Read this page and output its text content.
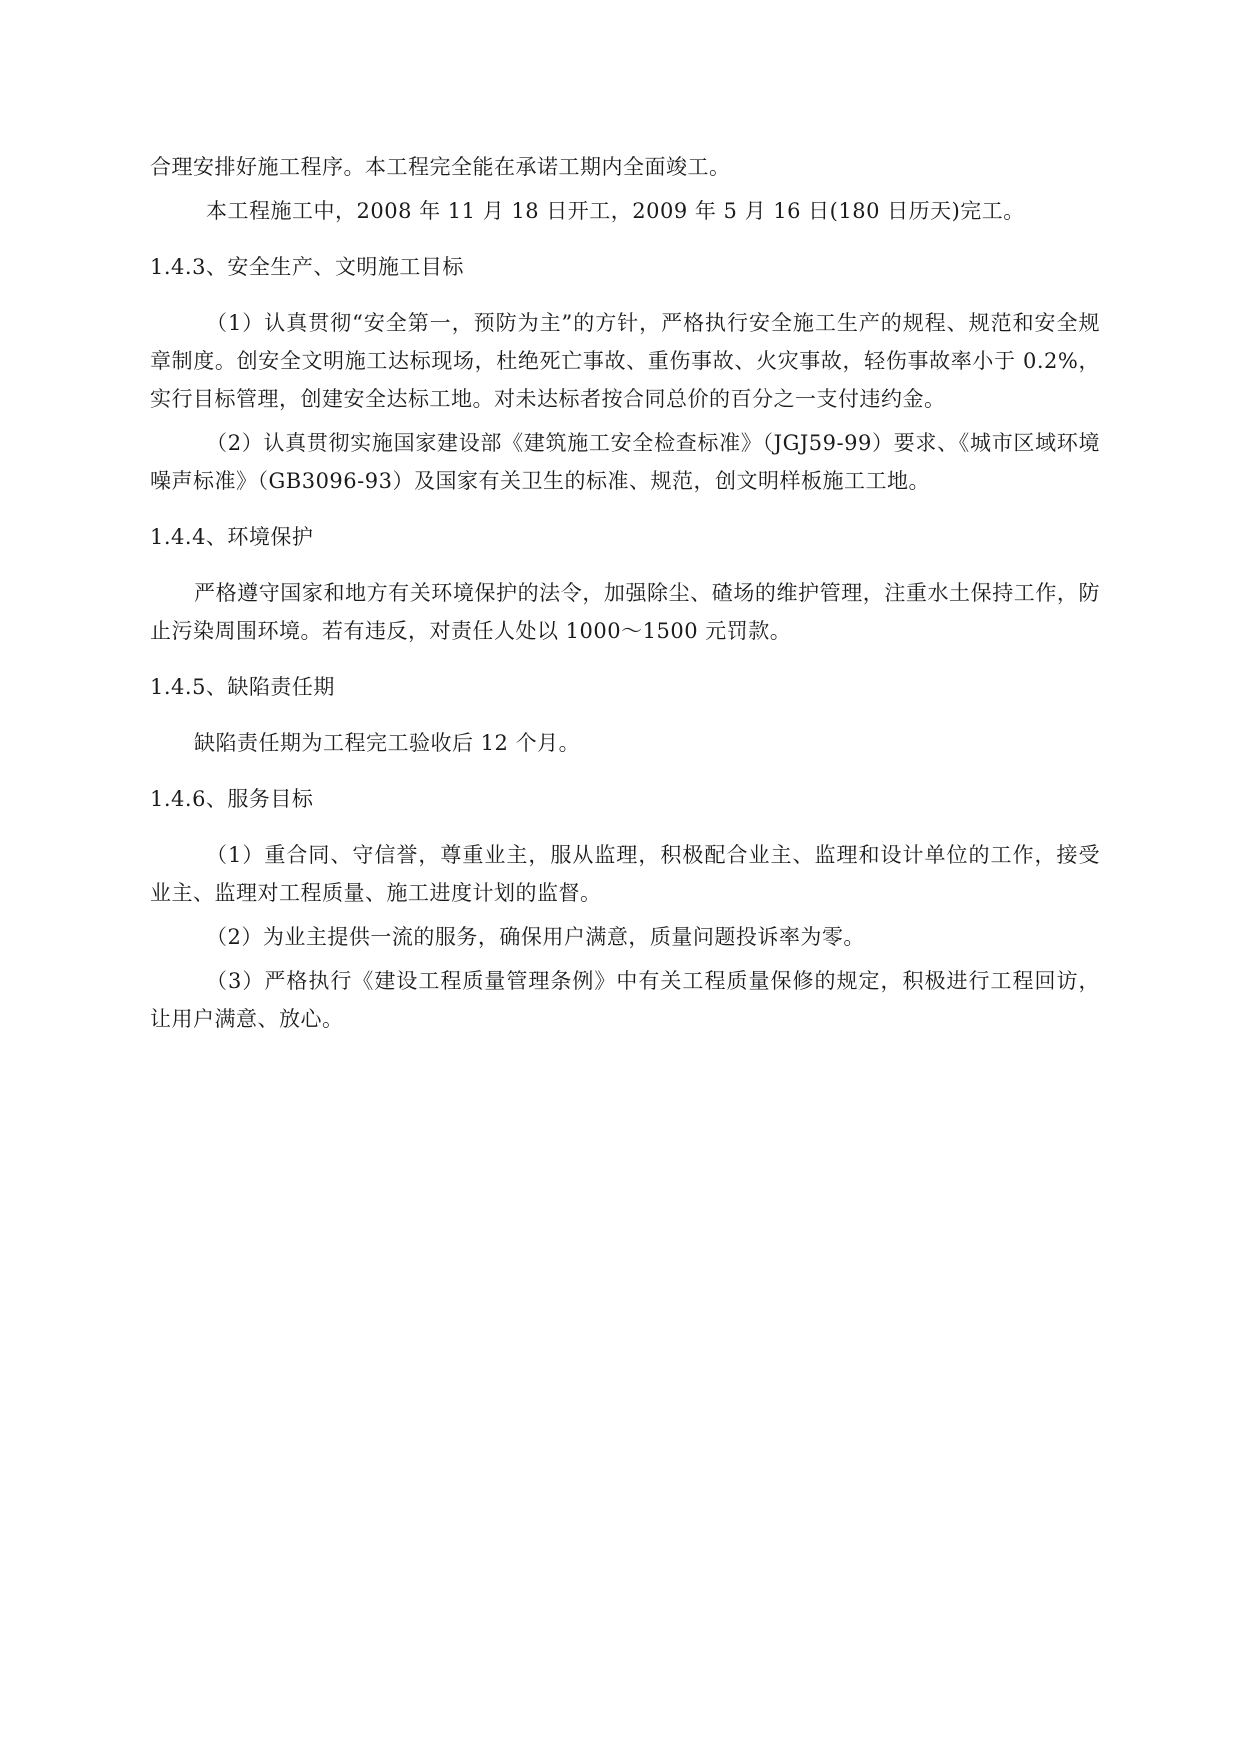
合理安排好施工程序。本工程完全能在承诺工期内全面竣工。

本工程施工中，2008 年 11 月 18 日开工，2009 年 5 月 16 日(180 日历天)完工。

1.4.3、安全生产、文明施工目标

（1）认真贯彻“安全第一，预防为主”的方针，严格执行安全施工生产的规程、规范和安全规章制度。创安全文明施工达标现场，杜绝死亡事故、重伤事故、火灾事故，轻伤事故率小于 0.2%，实行目标管理，创建安全达标工地。对未达标者按合同总价的百分之一支付违约金。

（2）认真贯彻实施国家建设部《建筑施工安全检查标准》（JGJ59-99）要求、《城市区域环境噪声标准》（GB3096-93）及国家有关卫生的标准、规范，创文明样板施工工地。

1.4.4、环境保护

严格遵守国家和地方有关环境保护的法令，加强除尘、碴场的维护管理，注重水土保持工作，防止污染周围环境。若有违反，对责任人处以 1000～1500 元罚款。

1.4.5、缺陷责任期

缺陷责任期为工程完工验收后 12 个月。

1.4.6、服务目标

（1）重合同、守信誉，尊重业主，服从监理，积极配合业主、监理和设计单位的工作，接受业主、监理对工程质量、施工进度计划的监督。

（2）为业主提供一流的服务，确保用户满意，质量问题投诉率为零。

（3）严格执行《建设工程质量管理条例》中有关工程质量保修的规定，积极进行工程回访，让用户满意、放心。
